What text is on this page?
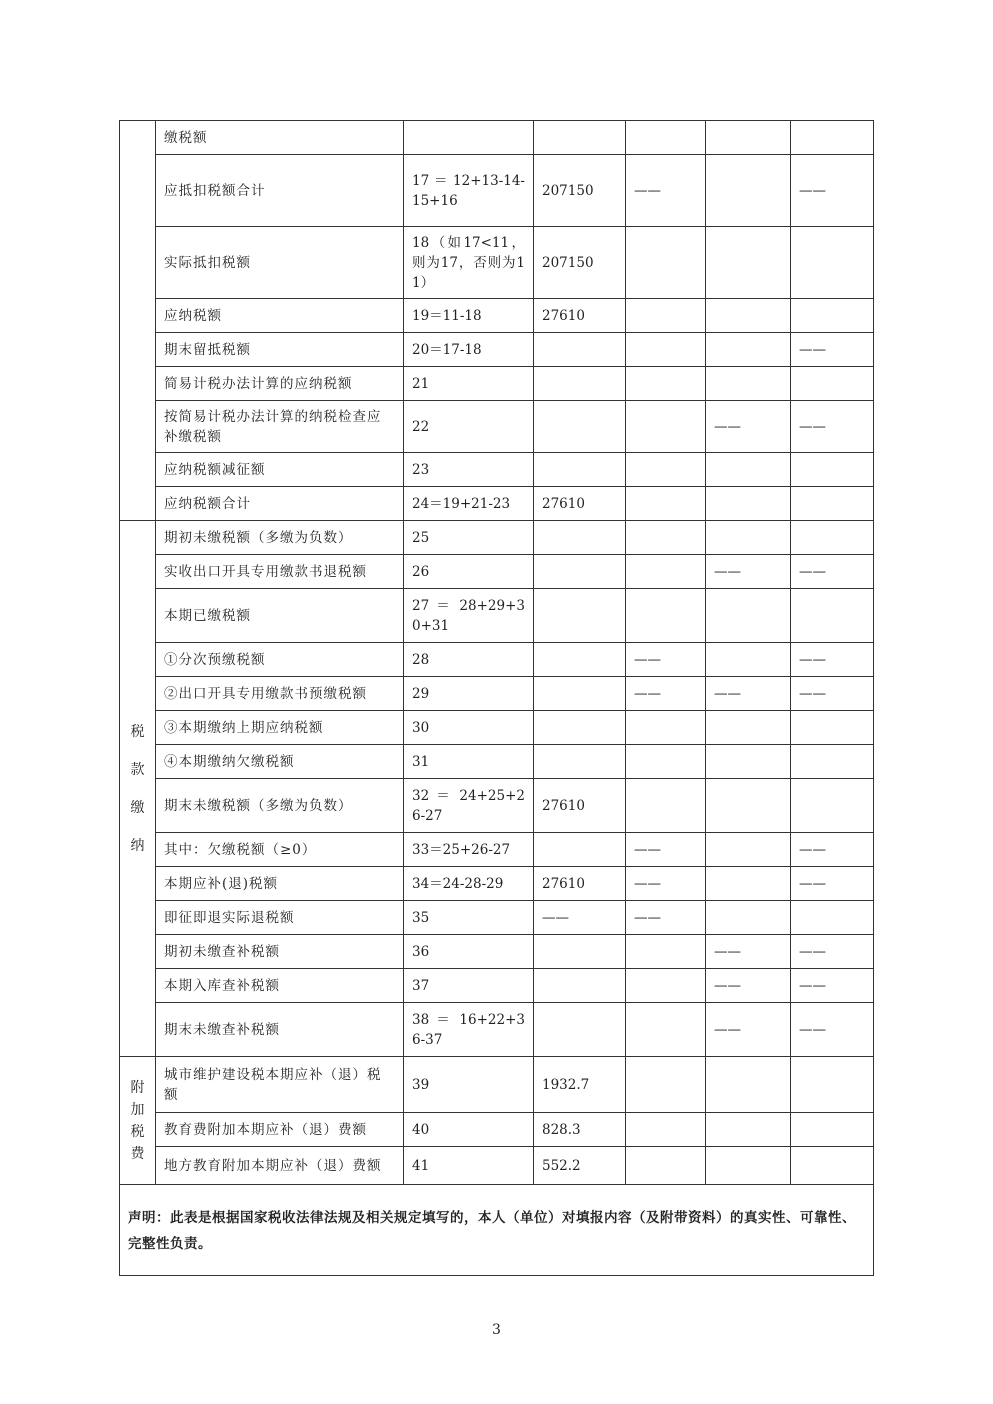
	缴税额					
	应抵扣税额合计	17 ＝ 12+13-14-15+16	207150	——		——
	实际抵扣税额	18（如17<11，则为17，否则为11）	207150			
	应纳税额	19＝11-18	27610			
	期末留抵税额	20＝17-18				——
	简易计税办法计算的应纳税额	21				
	按简易计税办法计算的纳税检查应补缴税额	22			——	——
	应纳税额减征额	23				
	应纳税额合计	24＝19+21-23	27610			
税款缴纳	期初未缴税额（多缴为负数）	25				
	实收出口开具专用缴款书退税额	26			——	——
	本期已缴税额	27 ＝ 28+29+30+31				
	①分次预缴税额	28		——		——
	②出口开具专用缴款书预缴税额	29		——	——	——
	③本期缴纳上期应纳税额	30				
	④本期缴纳欠缴税额	31				
	期末未缴税额（多缴为负数）	32 ＝ 24+25+26-27	27610			
	其中：欠缴税额（≥0）	33＝25+26-27		——		——
	本期应补(退)税额	34＝24-28-29	27610	——		——
	即征即退实际退税额	35	——	——		
	期初未缴查补税额	36			——	——
	本期入库查补税额	37			——	——
	期末未缴查补税额	38 ＝ 16+22+36-37			——	——
附加税费	城市维护建设税本期应补（退）税额	39	1932.7			
	教育费附加本期应补（退）费额	40	828.3			
	地方教育附加本期应补（退）费额	41	552.2			
声明：此表是根据国家税收法律法规及相关规定填写的，本人（单位）对填报内容（及附带资料）的真实性、可靠性、完整性负责。						
3
